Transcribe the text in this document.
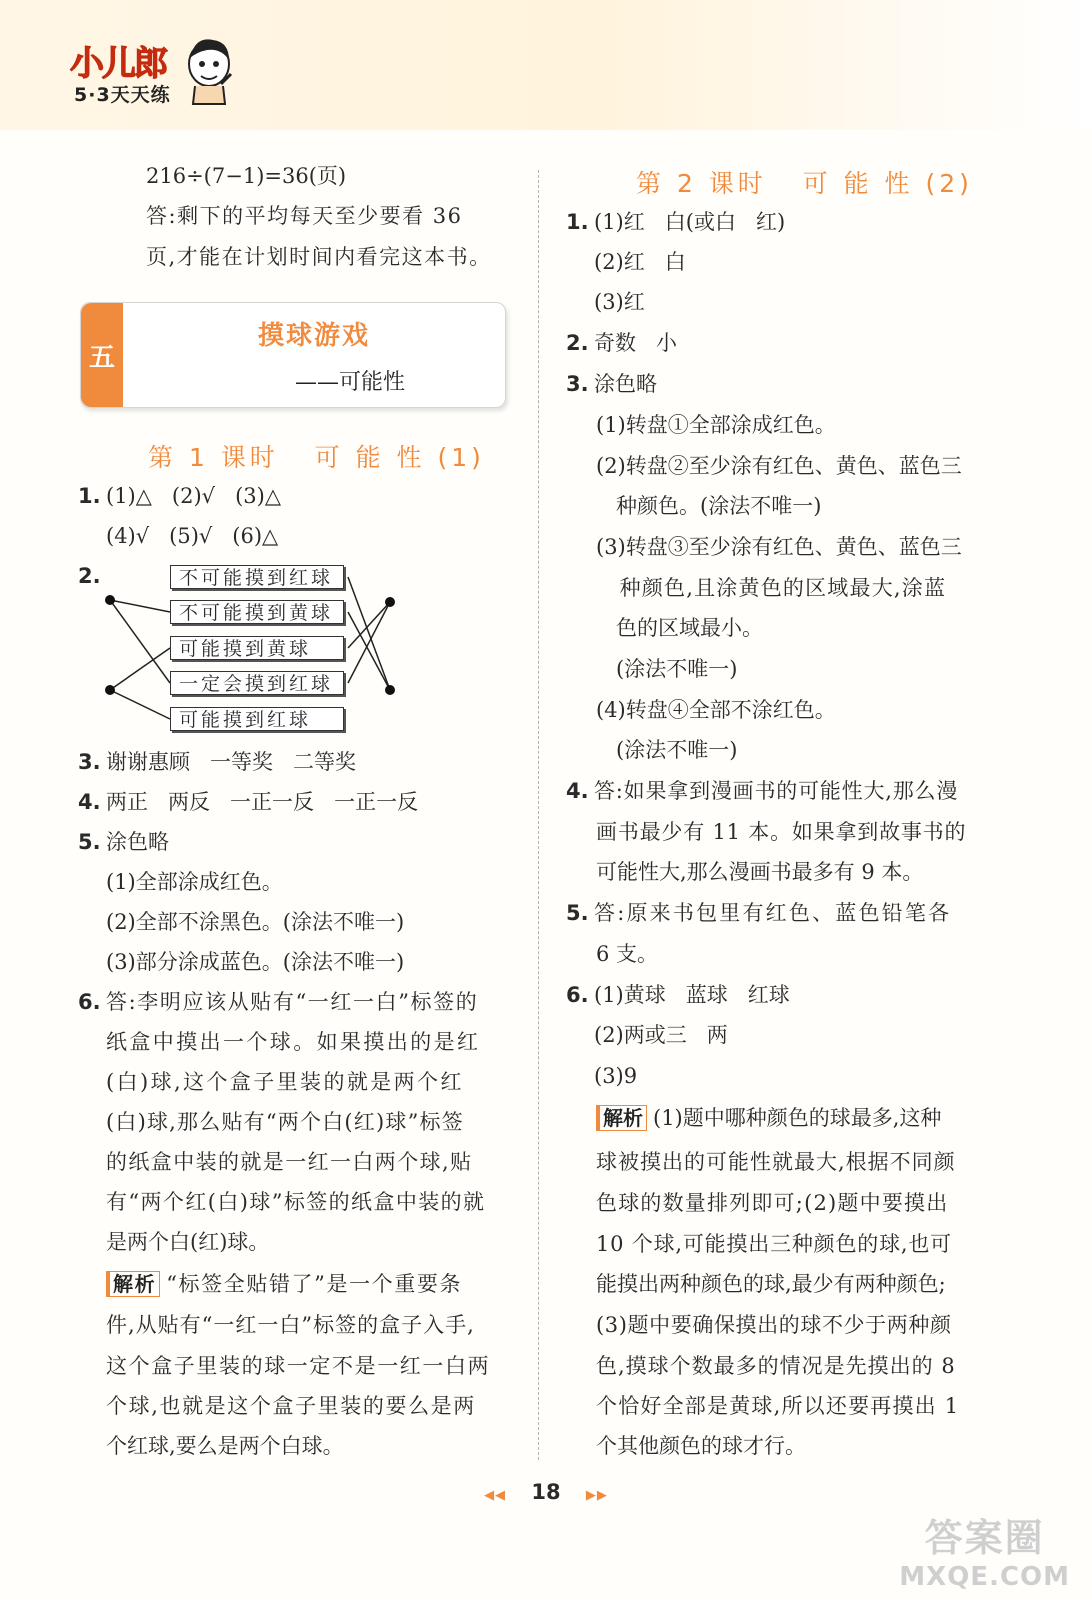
小儿郎
5·3天天练
216÷(7−1)=36(页)
答:剩下的平均每天至少要看 36
页,才能在计划时间内看完这本书。
五
摸球游戏
——可能性
第 1 课时   可 能 性 (1)
1. (1)△   (2)√   (3)△
(4)√   (5)√   (6)△
2.	不可能摸到红球
不可能摸到黄球
可能摸到黄球
一定会摸到红球
可能摸到红球
3. 谢谢惠顾   一等奖   二等奖
4. 两正   两反   一正一反   一正一反
5. 涂色略
(1)全部涂成红色。
(2)全部不涂黑色。(涂法不唯一)
(3)部分涂成蓝色。(涂法不唯一)
6. 答:李明应该从贴有“一红一白”标签的
纸盒中摸出一个球。如果摸出的是红
(白)球,这个盒子里装的就是两个红
(白)球,那么贴有“两个白(红)球”标签
的纸盒中装的就是一红一白两个球,贴
有“两个红(白)球”标签的纸盒中装的就
是两个白(红)球。
解析 “标签全贴错了”是一个重要条
件,从贴有“一红一白”标签的盒子入手,
这个盒子里装的球一定不是一红一白两
个球,也就是这个盒子里装的要么是两
个红球,要么是两个白球。
第 2 课时   可 能 性 (2)
1. (1)红   白(或白   红)
(2)红   白
(3)红
2. 奇数   小
3. 涂色略
(1)转盘①全部涂成红色。
(2)转盘②至少涂有红色、黄色、蓝色三
种颜色。(涂法不唯一)
(3)转盘③至少涂有红色、黄色、蓝色三
种颜色,且涂黄色的区域最大,涂蓝
色的区域最小。
(涂法不唯一)
(4)转盘④全部不涂红色。
(涂法不唯一)
4. 答:如果拿到漫画书的可能性大,那么漫
画书最少有 11 本。如果拿到故事书的
可能性大,那么漫画书最多有 9 本。
5. 答:原来书包里有红色、蓝色铅笔各
6 支。
6. (1)黄球   蓝球   红球
(2)两或三   两
(3)9
解析 (1)题中哪种颜色的球最多,这种
球被摸出的可能性就最大,根据不同颜
色球的数量排列即可;(2)题中要摸出
10 个球,可能摸出三种颜色的球,也可
能摸出两种颜色的球,最少有两种颜色;
(3)题中要确保摸出的球不少于两种颜
色,摸球个数最多的情况是先摸出的 8
个恰好全部是黄球,所以还要再摸出 1
个其他颜色的球才行。
◀◀ 18 ▶▶
答案圈
MXQE.COM
